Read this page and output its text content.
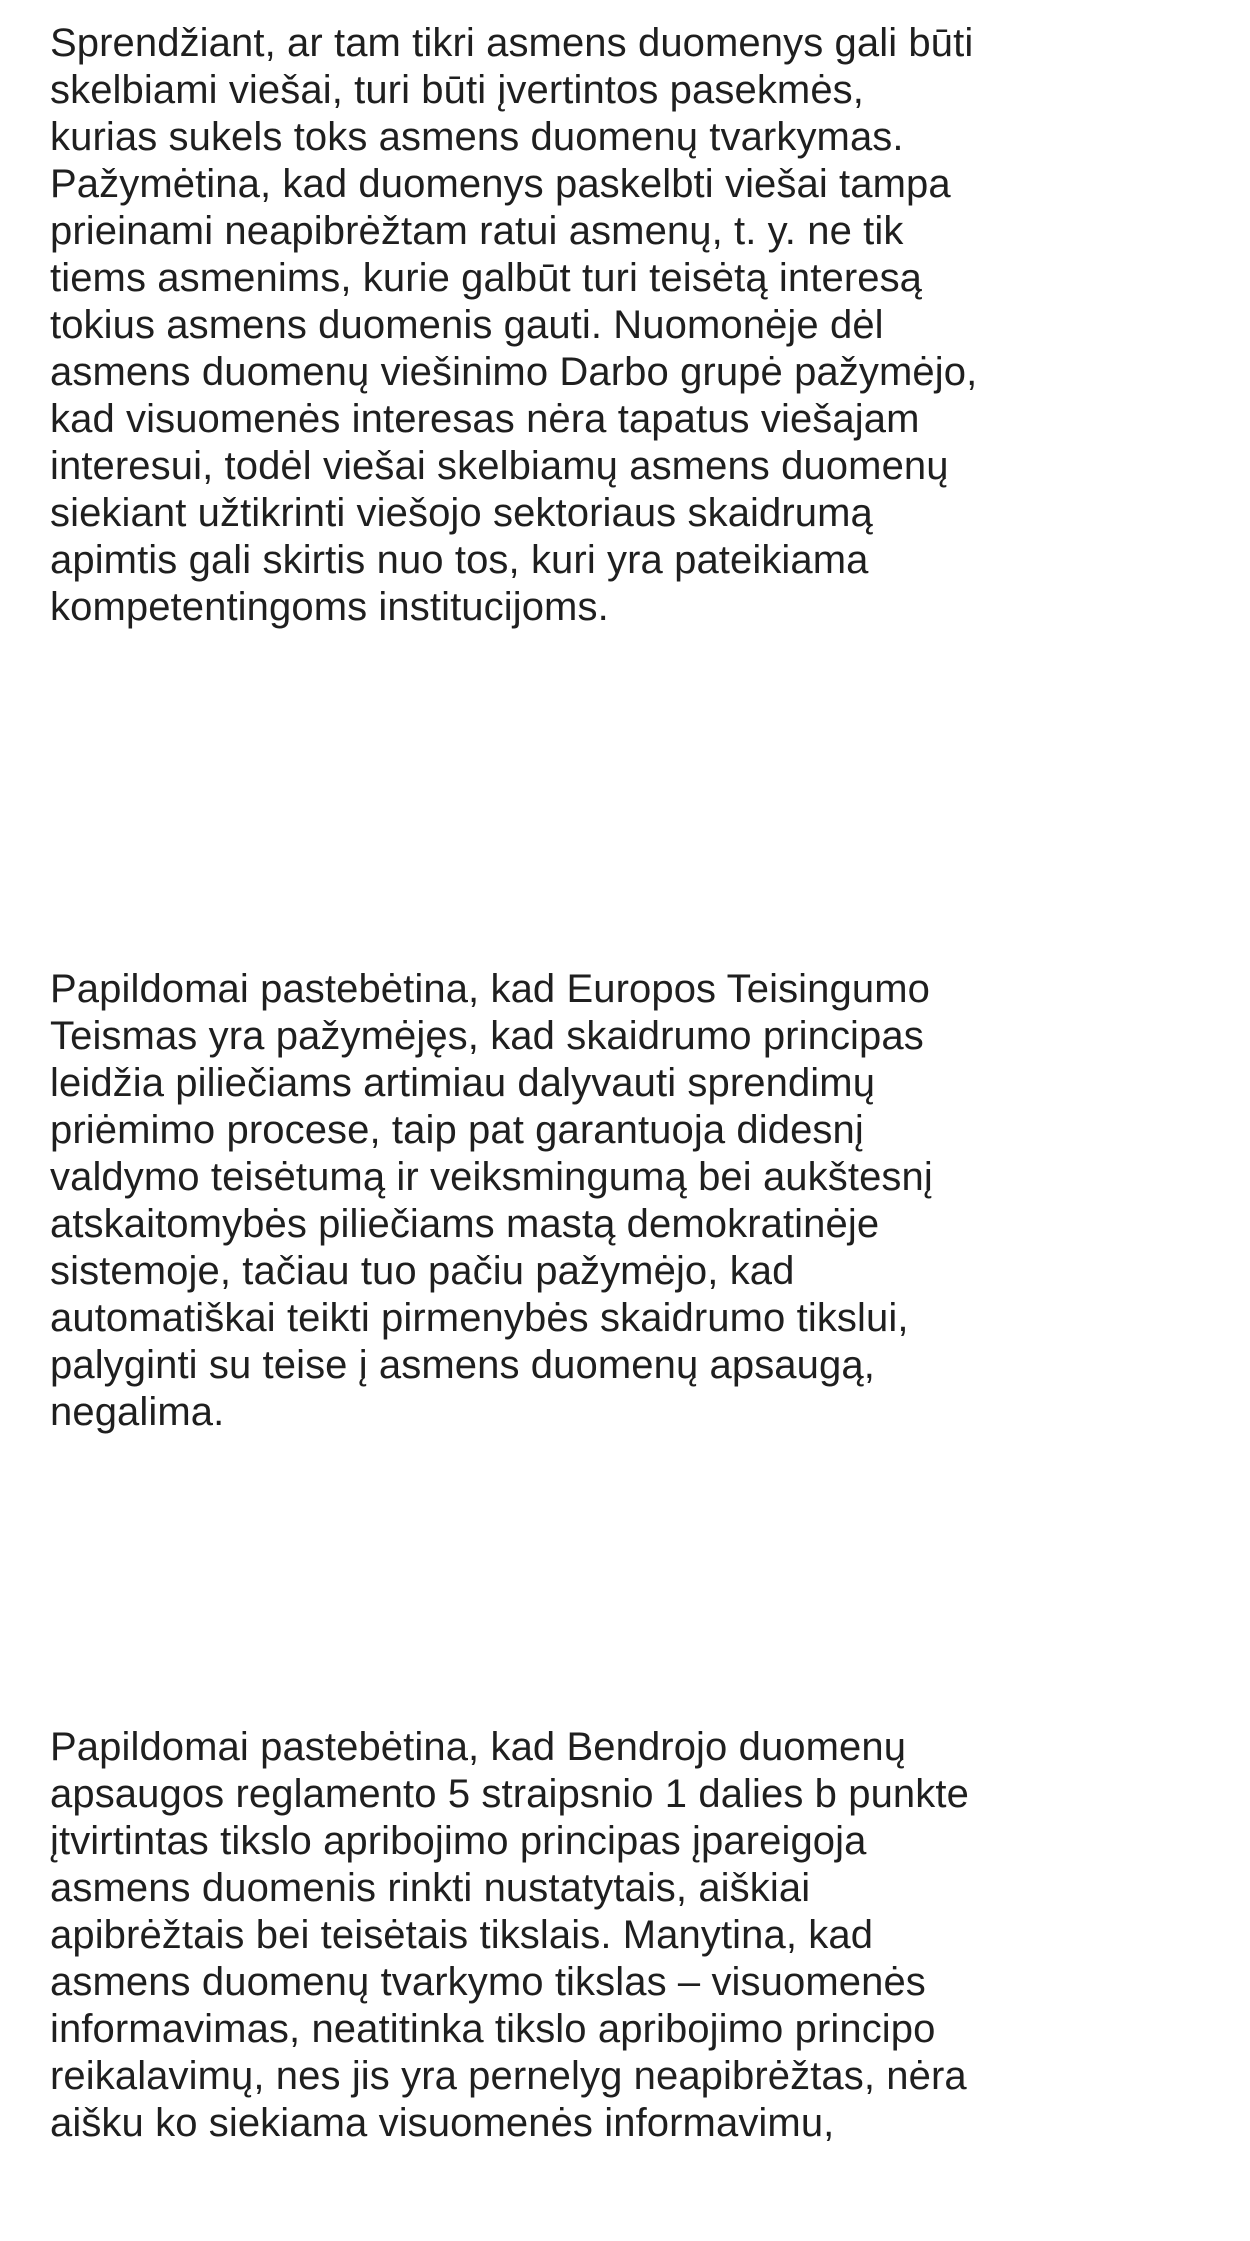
Sprendžiant, ar tam tikri asmens duomenys gali būti
skelbiami viešai, turi būti įvertintos pasekmės,
kurias sukels toks asmens duomenų tvarkymas.
Pažymėtina, kad duomenys paskelbti viešai tampa
prieinami neapibrėžtam ratui asmenų, t. y. ne tik
tiems asmenims, kurie galbūt turi teisėtą interesą
tokius asmens duomenis gauti. Nuomonėje dėl
asmens duomenų viešinimo Darbo grupė pažymėjo,
kad visuomenės interesas nėra tapatus viešajam
interesui, todėl viešai skelbiamų asmens duomenų
siekiant užtikrinti viešojo sektoriaus skaidrumą
apimtis gali skirtis nuo tos, kuri yra pateikiama
kompetentingoms institucijoms.

Papildomai pastebėtina, kad Europos Teisingumo
Teismas yra pažymėjęs, kad skaidrumo principas
leidžia piliečiams artimiau dalyvauti sprendimų
priėmimo procese, taip pat garantuoja didesnį
valdymo teisėtumą ir veiksmingumą bei aukštesnį
atskaitomybės piliečiams mastą demokratinėje
sistemoje, tačiau tuo pačiu pažymėjo, kad
automatiškai teikti pirmenybės skaidrumo tikslui,
palyginti su teise į asmens duomenų apsaugą,
negalima.

Papildomai pastebėtina, kad Bendrojo duomenų
apsaugos reglamento 5 straipsnio 1 dalies b punkte
įtvirtintas tikslo apribojimo principas įpareigoja
asmens duomenis rinkti nustatytais, aiškiai
apibrėžtais bei teisėtais tikslais. Manytina, kad
asmens duomenų tvarkymo tikslas – visuomenės
informavimas, neatitinka tikslo apribojimo principo
reikalavimų, nes jis yra pernelyg neapibrėžtas, nėra
aišku ko siekiama visuomenės informavimu,
